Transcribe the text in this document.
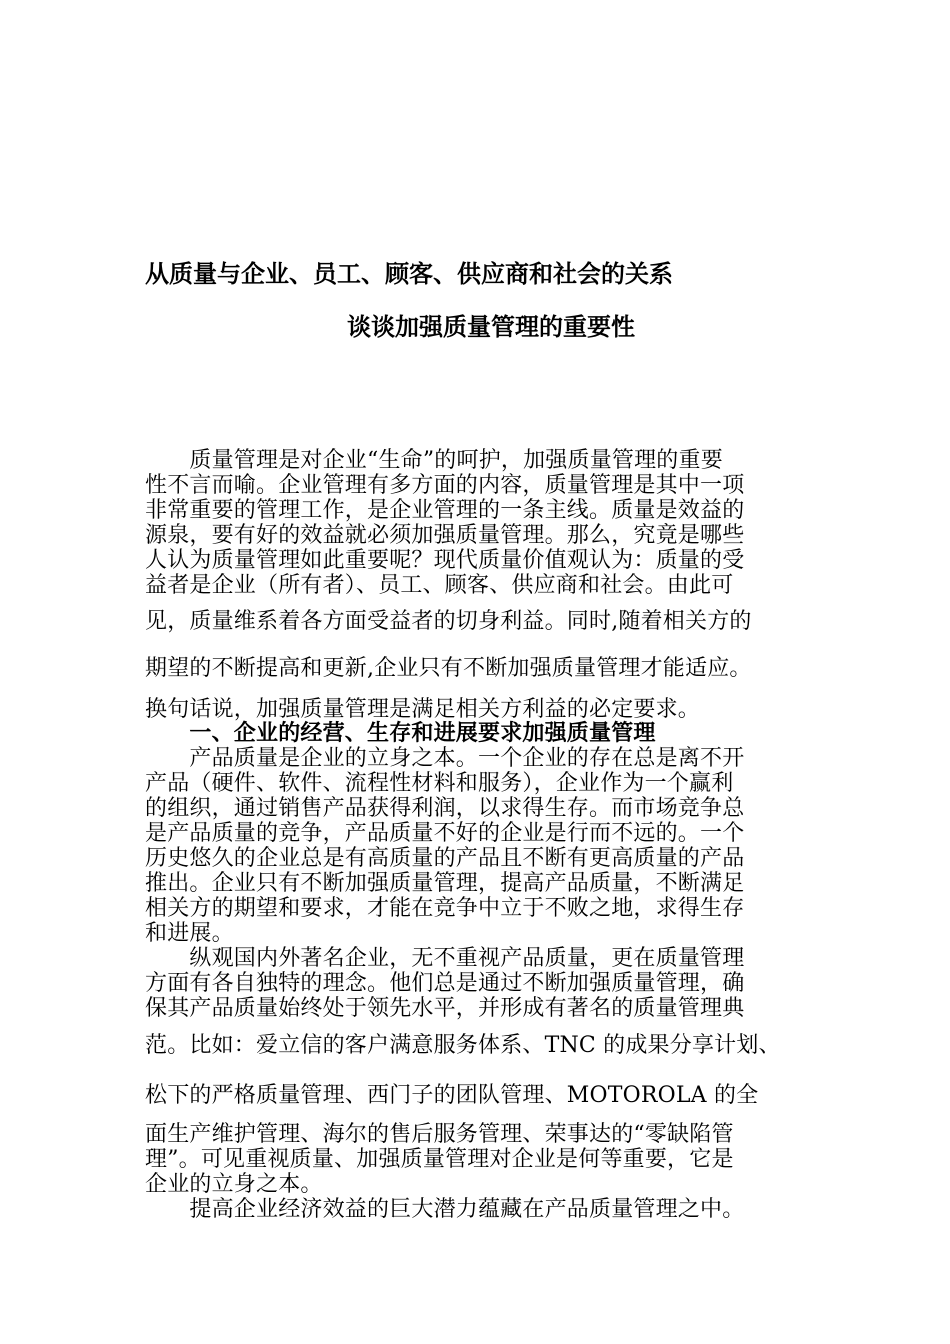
从质量与企业、员工、顾客、供应商和社会的关系
谈谈加强质量管理的重要性
　　质量管理是对企业“生命”的呵护，加强质量管理的重要
性不言而喻。企业管理有多方面的内容，质量管理是其中一项
非常重要的管理工作，是企业管理的一条主线。质量是效益的
源泉，要有好的效益就必须加强质量管理。那么，究竟是哪些
人认为质量管理如此重要呢？现代质量价值观认为：质量的受
益者是企业（所有者）、员工、顾客、供应商和社会。由此可
见，质量维系着各方面受益者的切身利益。同时,随着相关方的
期望的不断提高和更新,企业只有不断加强质量管理才能适应。
换句话说，加强质量管理是满足相关方利益的必定要求。
　　一、企业的经营、生存和进展要求加强质量管理
　　产品质量是企业的立身之本。一个企业的存在总是离不开
产品（硬件、软件、流程性材料和服务），企业作为一个赢利
的组织，通过销售产品获得利润，以求得生存。而市场竞争总
是产品质量的竞争，产品质量不好的企业是行而不远的。一个
历史悠久的企业总是有高质量的产品且不断有更高质量的产品
推出。企业只有不断加强质量管理，提高产品质量，不断满足
相关方的期望和要求，才能在竞争中立于不败之地，求得生存
和进展。
　　纵观国内外著名企业，无不重视产品质量，更在质量管理
方面有各自独特的理念。他们总是通过不断加强质量管理，确
保其产品质量始终处于领先水平，并形成有著名的质量管理典
范。比如：爱立信的客户满意服务体系、TNC 的成果分享计划、
松下的严格质量管理、西门子的团队管理、MOTOROLA 的全
面生产维护管理、海尔的售后服务管理、荣事达的“零缺陷管
理”。可见重视质量、加强质量管理对企业是何等重要，它是
企业的立身之本。
　　提高企业经济效益的巨大潜力蕴藏在产品质量管理之中。
